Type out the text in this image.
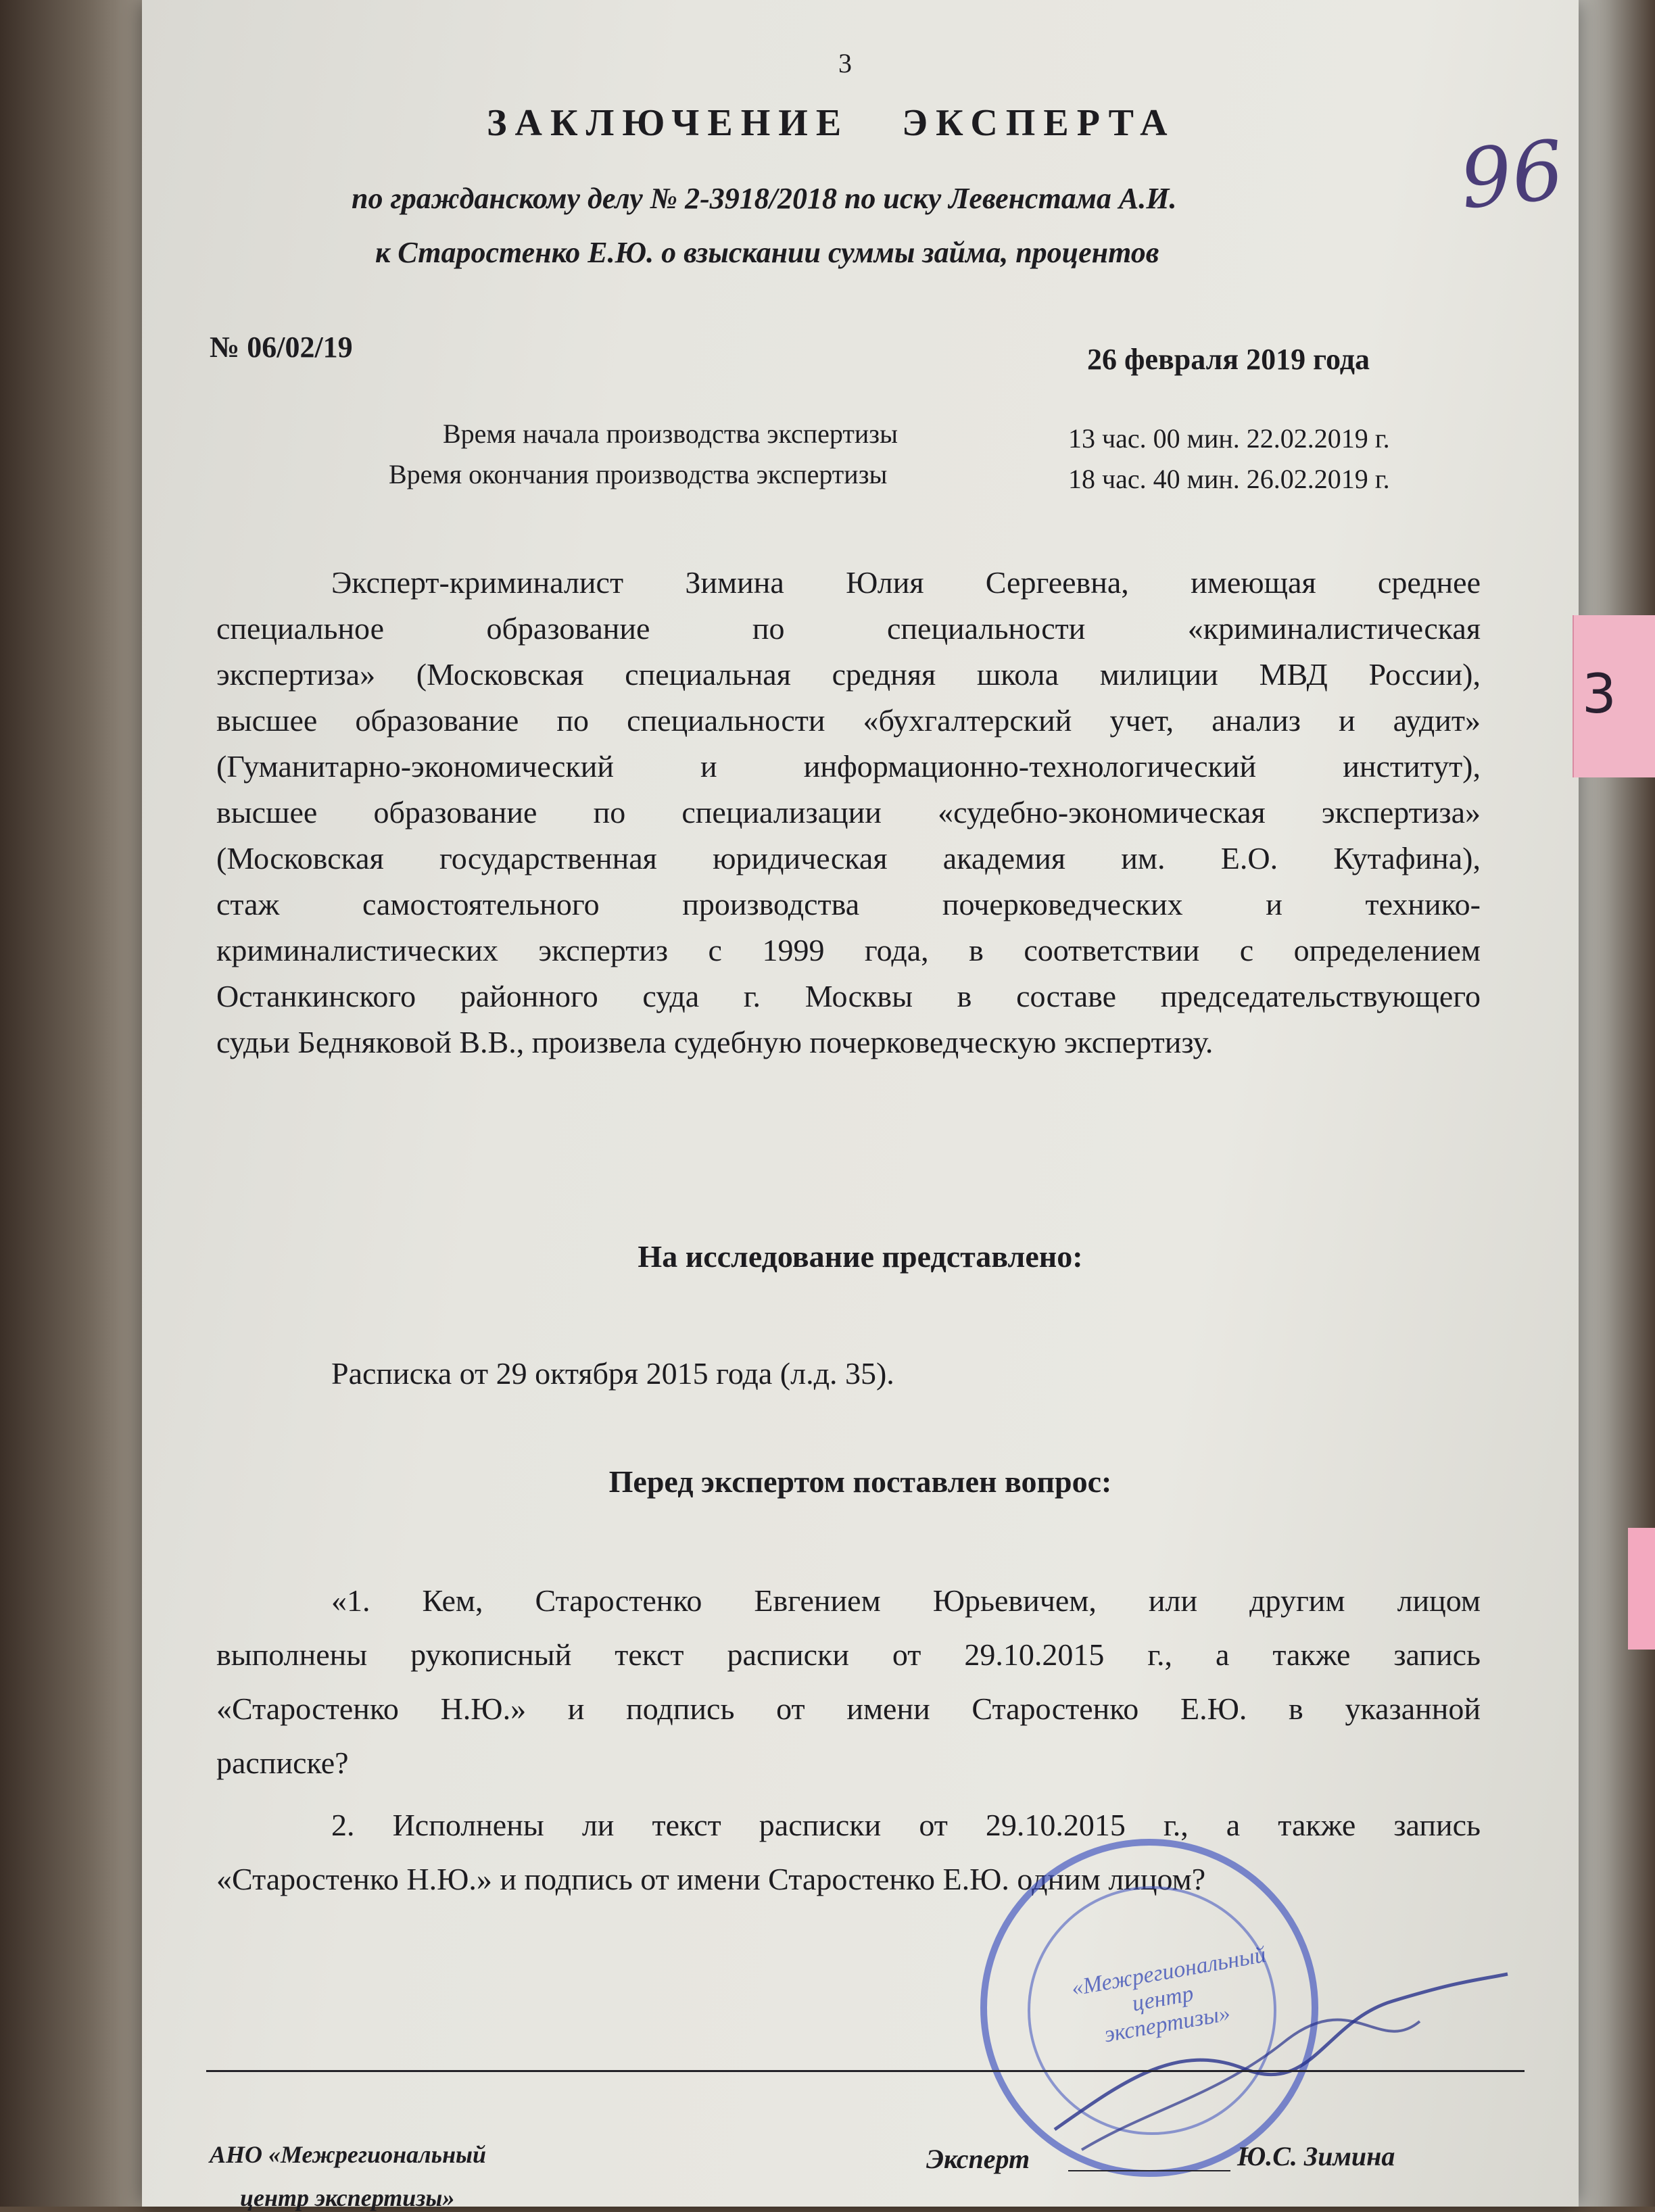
3
ЗАКЛЮЧЕНИЕ   ЭКСПЕРТА
96
по гражданскому делу № 2-3918/2018 по иску Левенстама А.И.
к Старостенко Е.Ю. о взыскании суммы займа, процентов
№ 06/02/19	26 февраля 2019 года
Время начала производства экспертизы	13 час. 00 мин. 22.02.2019 г.
Время окончания производства экспертизы	18 час. 40 мин. 26.02.2019 г.
Эксперт-криминалист Зимина Юлия Сергеевна, имеющая среднее
специальное образование по специальности «криминалистическая
экспертиза» (Московская специальная средняя школа милиции МВД России),
высшее образование по специальности «бухгалтерский учет, анализ и аудит»
(Гуманитарно-экономический и информационно-технологический институт),
высшее образование по специализации «судебно-экономическая экспертиза»
(Московская государственная юридическая академия им. Е.О. Кутафина),
стаж самостоятельного производства почерковедческих и технико-
криминалистических экспертиз с 1999 года, в соответствии с определением
Останкинского районного суда г. Москвы в составе председательствующего
судьи Бедняковой В.В., произвела судебную почерковедческую экспертизу.
На исследование представлено:
Расписка от 29 октября 2015 года (л.д. 35).
Перед экспертом поставлен вопрос:
«1. Кем, Старостенко Евгением Юрьевичем, или другим лицом
выполнены рукописный текст расписки от 29.10.2015 г., а также запись
«Старостенко Н.Ю.» и подпись от имени Старостенко Е.Ю. в указанной
расписке?
2. Исполнены ли текст расписки от 29.10.2015 г., а также запись
«Старостенко Н.Ю.» и подпись от имени Старостенко Е.Ю. одним лицом?
«Межрегиональный центр экспертизы»
АНО «Межрегиональный
центр экспертизы»
Эксперт	Ю.С. Зимина
3
